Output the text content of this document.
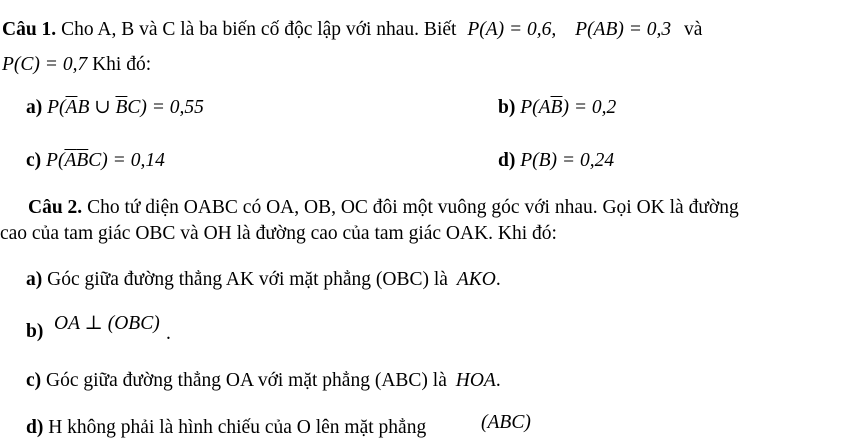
Câu 1. Cho A, B và C là ba biến cố độc lập với nhau. Biết P(A) = 0,6, P(AB) = 0,3 và
P(C) = 0,7 Khi đó:
a) $P(\overline{A}B$ ∪ $\overline{B}C) = 0,55$	b) $P(A\overline{B}) = 0,2$
c) $P(\overline{A}\overline{B}C) = 0,14$	d) P(B) = 0,24
Câu 2. Cho tứ diện OABC có OA, OB, OC đôi một vuông góc với nhau. Gọi OK là đường
cao của tam giác OBC và OH là đường cao của tam giác OAK. Khi đó:
a) Góc giữa đường thẳng AK với mặt phẳng (OBC) là AKO.
b) OA ⊥ (OBC) .
c) Góc giữa đường thẳng OA với mặt phẳng (ABC) là HOA.
d) H không phải là hình chiếu của O lên mặt phẳng	(ABC)
